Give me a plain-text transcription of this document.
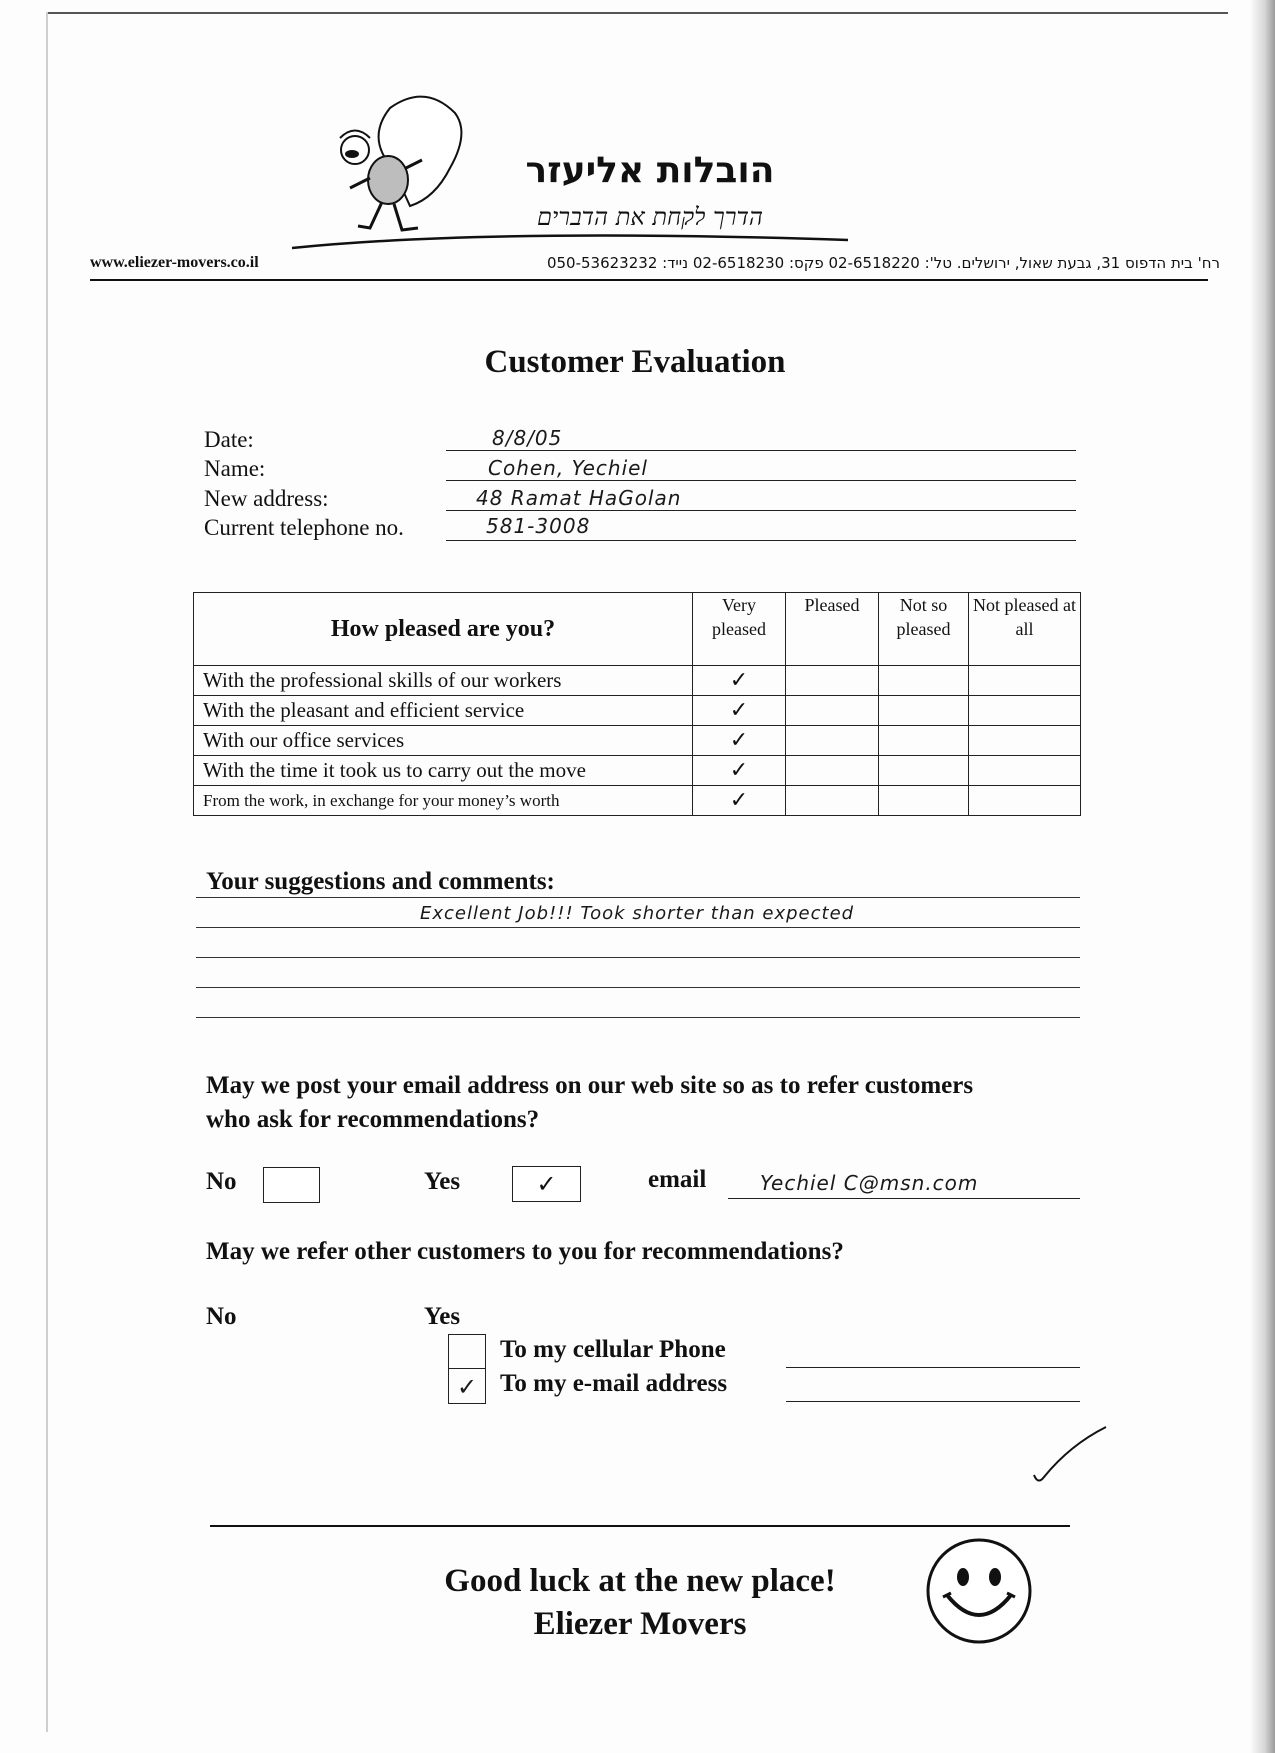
הובלות אליעזר
הדרך לקחת את הדברים
www.eliezer-movers.co.il	רח' בית הדפוס 31, גבעת שאול, ירושלים. טל': 02-6518220 פקס: 02-6518230 נייד: 050-53623232
Customer Evaluation
Date:	8/8/05
Name:	Cohen, Yechiel
New address:	48 Ramat HaGolan
Current telephone no.	581-3008
How pleased are you?	Very pleased	Pleased	Not so pleased	Not pleased at all
With the professional skills of our workers	✓			
With the pleasant and efficient service	✓			
With our office services	✓			
With the time it took us to carry out the move	✓			
From the work, in exchange for your money’s worth	✓			
Your suggestions and comments:
Excellent Job!!! Took shorter than expected
May we post your email address on our web site so as to refer customers who ask for recommendations?
No	Yes	✓	email	Yechiel C@msn.com
May we refer other customers to you for recommendations?
No	Yes
To my cellular Phone
✓ To my e-mail address
Good luck at the new place!
Eliezer Movers
